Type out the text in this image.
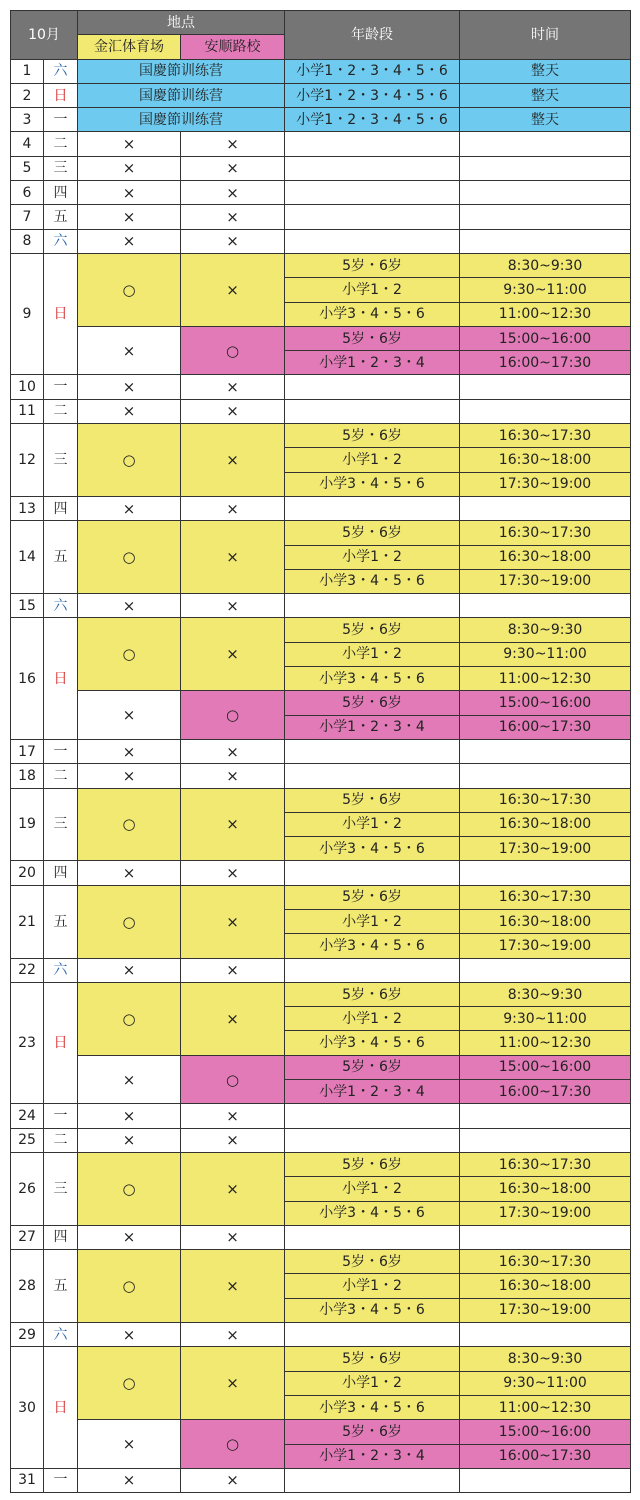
10月		地点		年龄段	时间
		金汇体育场	安顺路校		
1	六	国慶節训练营		小学1・2・3・4・5・6	整天
2	日	国慶節训练营		小学1・2・3・4・5・6	整天
3	一	国慶節训练营		小学1・2・3・4・5・6	整天
4	二	×	×		
5	三	×	×		
6	四	×	×		
7	五	×	×		
8	六	×	×		
9	日	○	×	5岁・6岁	8:30~9:30
				小学1・2	9:30~11:00
				小学3・4・5・6	11:00~12:30
		×	○	5岁・6岁	15:00~16:00
				小学1・2・3・4	16:00~17:30
10	一	×	×		
11	二	×	×		
12	三	○	×	5岁・6岁	16:30~17:30
				小学1・2	16:30~18:00
				小学3・4・5・6	17:30~19:00
13	四	×	×		
14	五	○	×	5岁・6岁	16:30~17:30
				小学1・2	16:30~18:00
				小学3・4・5・6	17:30~19:00
15	六	×	×		
16	日	○	×	5岁・6岁	8:30~9:30
				小学1・2	9:30~11:00
				小学3・4・5・6	11:00~12:30
		×	○	5岁・6岁	15:00~16:00
				小学1・2・3・4	16:00~17:30
17	一	×	×		
18	二	×	×		
19	三	○	×	5岁・6岁	16:30~17:30
				小学1・2	16:30~18:00
				小学3・4・5・6	17:30~19:00
20	四	×	×		
21	五	○	×	5岁・6岁	16:30~17:30
				小学1・2	16:30~18:00
				小学3・4・5・6	17:30~19:00
22	六	×	×		
23	日	○	×	5岁・6岁	8:30~9:30
				小学1・2	9:30~11:00
				小学3・4・5・6	11:00~12:30
		×	○	5岁・6岁	15:00~16:00
				小学1・2・3・4	16:00~17:30
24	一	×	×		
25	二	×	×		
26	三	○	×	5岁・6岁	16:30~17:30
				小学1・2	16:30~18:00
				小学3・4・5・6	17:30~19:00
27	四	×	×		
28	五	○	×	5岁・6岁	16:30~17:30
				小学1・2	16:30~18:00
				小学3・4・5・6	17:30~19:00
29	六	×	×		
30	日	○	×	5岁・6岁	8:30~9:30
				小学1・2	9:30~11:00
				小学3・4・5・6	11:00~12:30
		×	○	5岁・6岁	15:00~16:00
				小学1・2・3・4	16:00~17:30
31	一	×	×		
